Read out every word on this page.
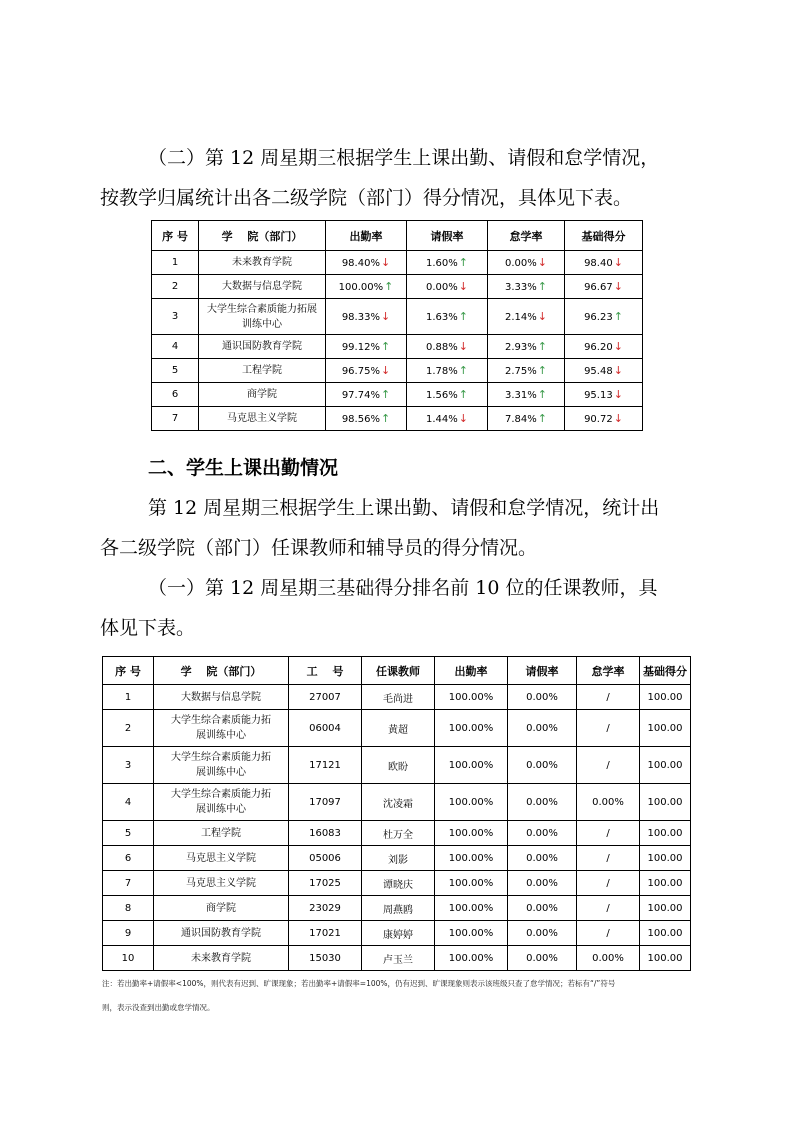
（二）第 12 周星期三根据学生上课出勤、请假和怠学情况，
按教学归属统计出各二级学院（部门）得分情况，具体见下表。
序 号	学　 院（部门）	出勤率	请假率	怠学率	基础得分
1	未来教育学院	98.40%↓	1.60%↑	0.00%↓	98.40↓
2	大数据与信息学院	100.00%↑	0.00%↓	3.33%↑	96.67↓
3	大学生综合素质能力拓展训练中心	98.33%↓	1.63%↑	2.14%↓	96.23↑
4	通识国防教育学院	99.12%↑	0.88%↓	2.93%↑	96.20↓
5	工程学院	96.75%↓	1.78%↑	2.75%↑	95.48↓
6	商学院	97.74%↑	1.56%↑	3.31%↑	95.13↓
7	马克思主义学院	98.56%↑	1.44%↓	7.84%↑	90.72↓
二、学生上课出勤情况
第 12 周星期三根据学生上课出勤、请假和怠学情况，统计出
各二级学院（部门）任课教师和辅导员的得分情况。
（一）第 12 周星期三基础得分排名前 10 位的任课教师，具
体见下表。
序 号	学　 院（部门）	工　 号	任课教师	出勤率	请假率	怠学率	基础得分
1	大数据与信息学院	27007	毛尚进	100.00%	0.00%	/	100.00
2	大学生综合素质能力拓展训练中心	06004	黄超	100.00%	0.00%	/	100.00
3	大学生综合素质能力拓展训练中心	17121	欧盼	100.00%	0.00%	/	100.00
4	大学生综合素质能力拓展训练中心	17097	沈凌霜	100.00%	0.00%	0.00%	100.00
5	工程学院	16083	杜万全	100.00%	0.00%	/	100.00
6	马克思主义学院	05006	刘影	100.00%	0.00%	/	100.00
7	马克思主义学院	17025	谭晓庆	100.00%	0.00%	/	100.00
8	商学院	23029	周燕鸥	100.00%	0.00%	/	100.00
9	通识国防教育学院	17021	康婷婷	100.00%	0.00%	/	100.00
10	未来教育学院	15030	卢玉兰	100.00%	0.00%	0.00%	100.00
注：若出勤率+请假率<100%，则代表有迟到、旷课现象；若出勤率+请假率=100%，仍有迟到、旷课现象则表示该班级只查了怠学情况；若标有“/”符号
则，表示没查到出勤或怠学情况。
